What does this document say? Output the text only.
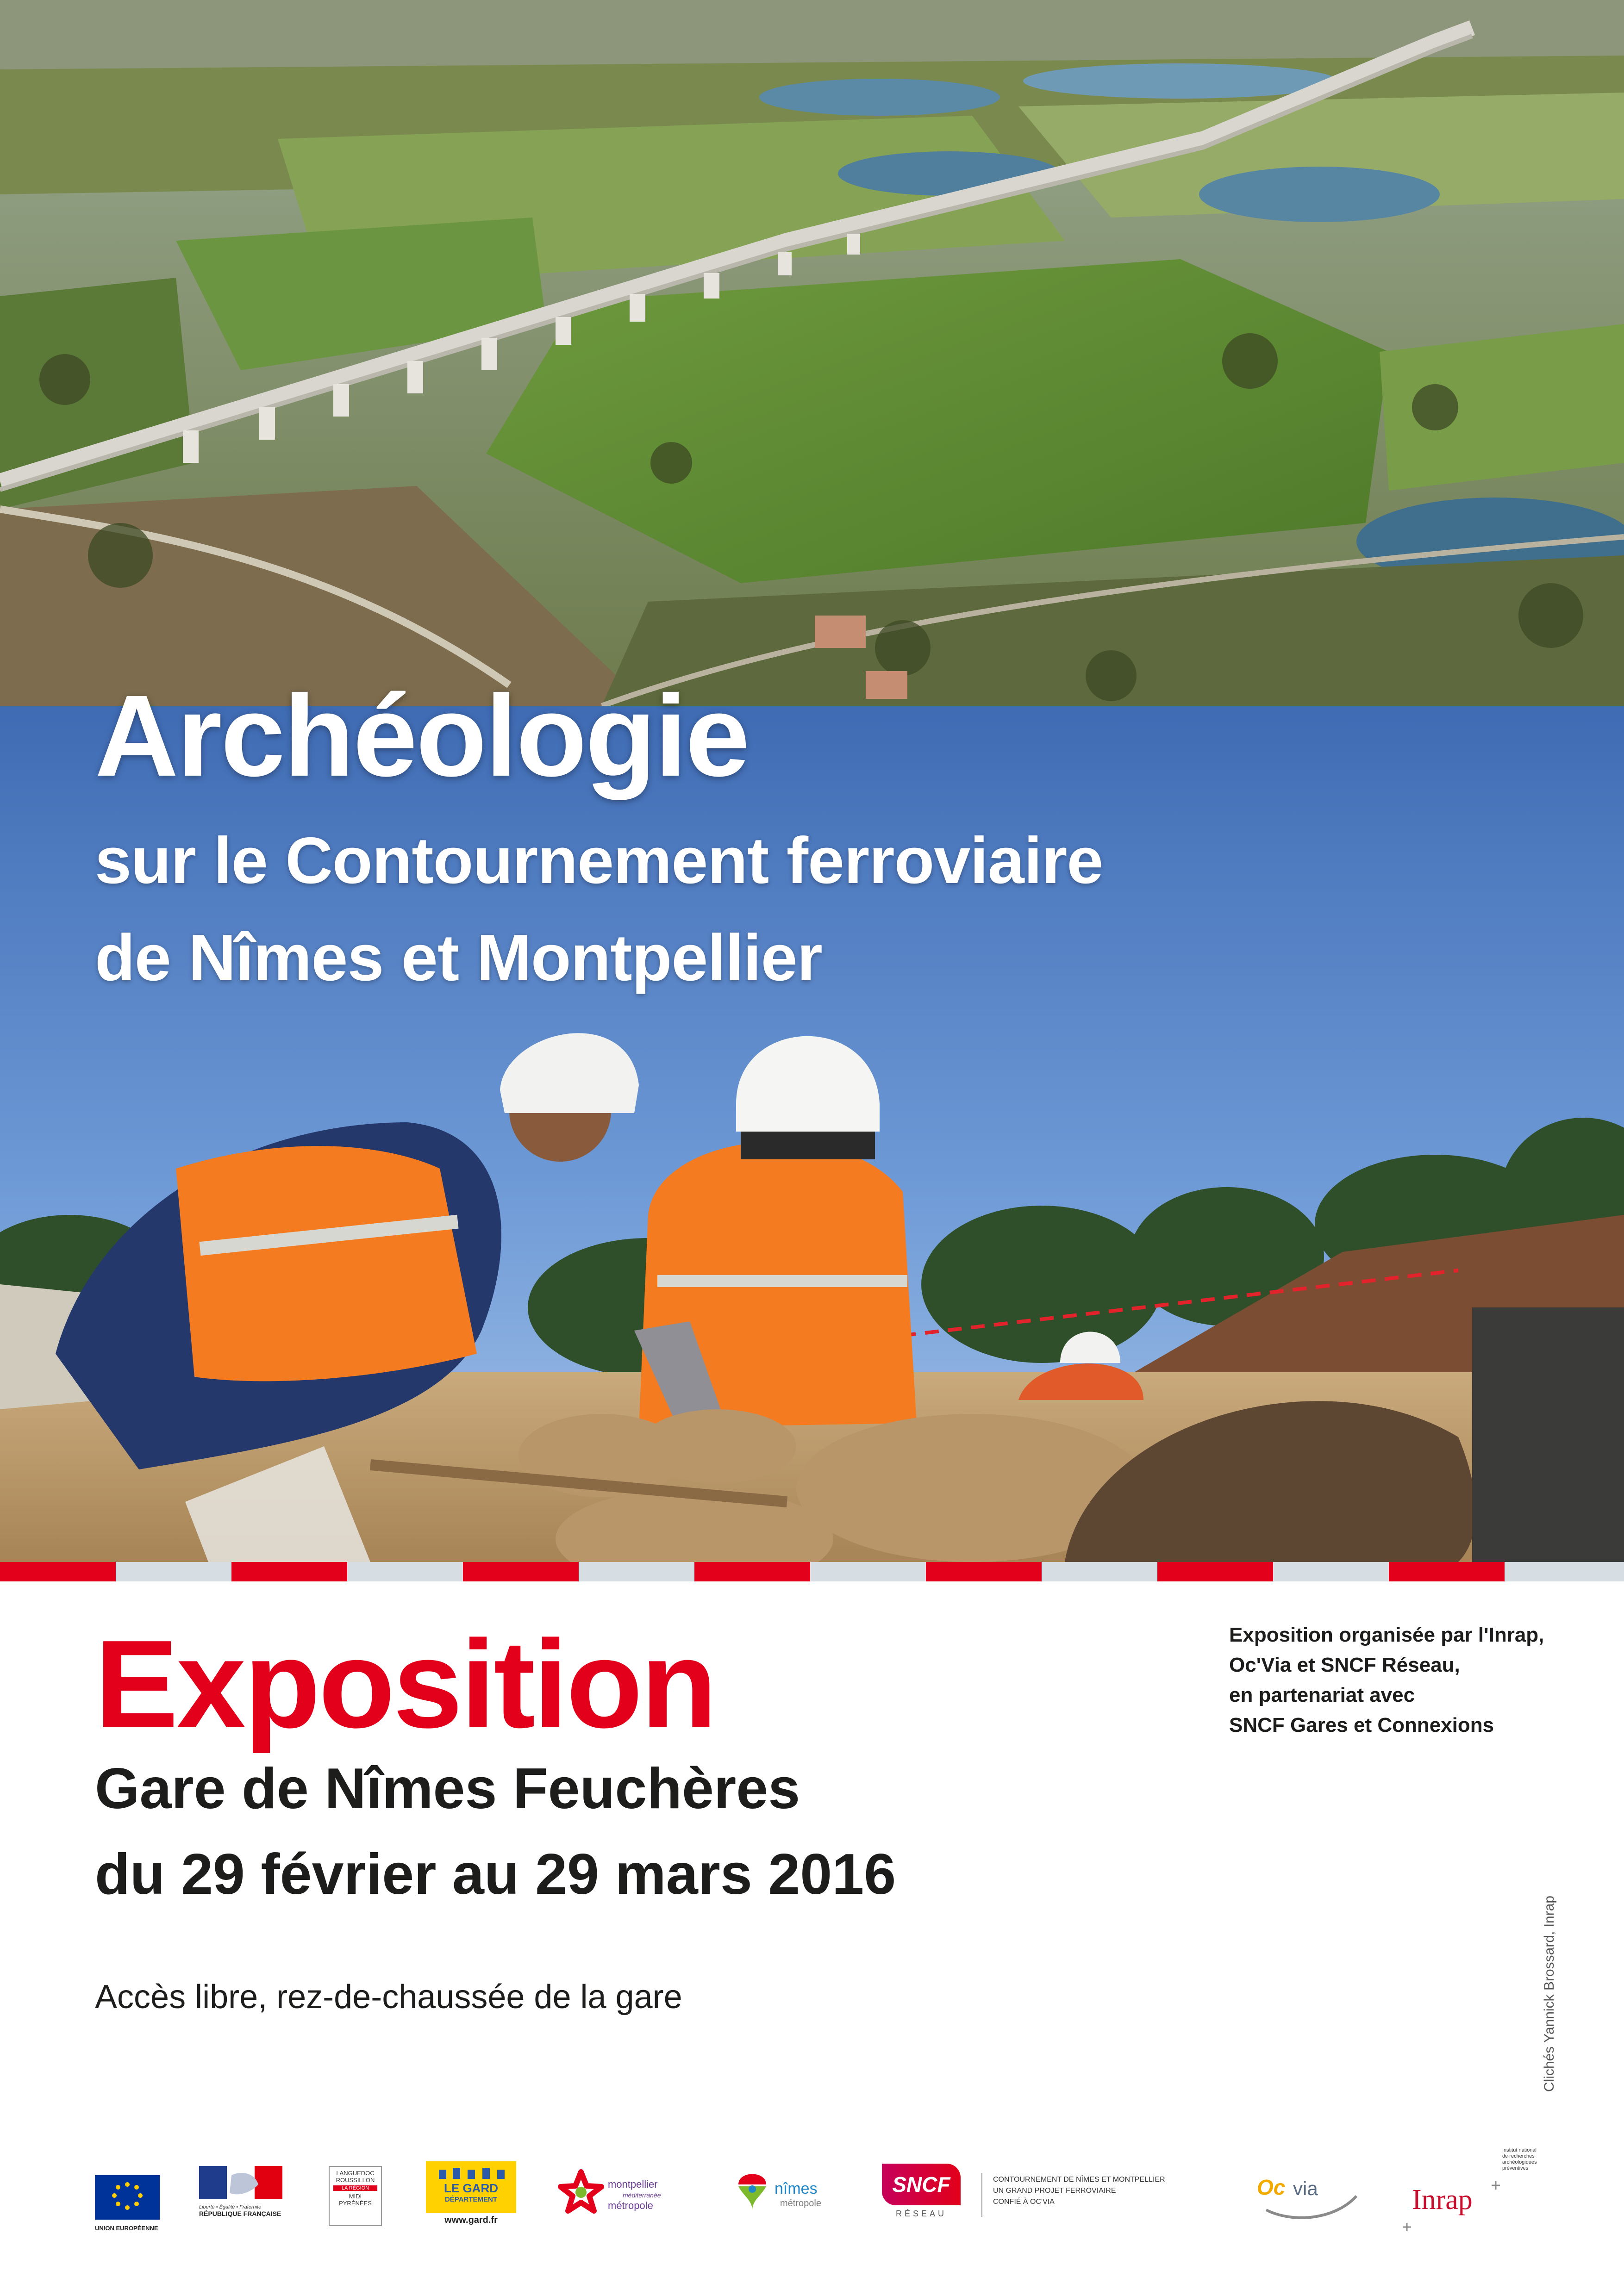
Archéologie

sur le Contournement ferroviaire

de Nîmes et Montpellier

Exposition

Gare de Nîmes Feuchères

du 29 février au 29 mars 2016

Accès libre, rez-de-chaussée de la gare

Exposition organisée par l'Inrap,
Oc'Via et SNCF Réseau,
en partenariat avec
SNCF Gares et Connexions
Clichés Yannick Brossard, Inrap
UNION EUROPÉENNE
Liberté • Égalité • Fraternité
RÉPUBLIQUE FRANÇAISE
LANGUEDOC
ROUSSILLON
LA RÉGION
MIDI
PYRÉNÉES
LE GARD
DÉPARTEMENT
www.gard.fr
montpellier
méditerranée
métropole
nîmes
métropole
SNCF
RÉSEAU
CONTOURNEMENT DE NÎMES ET MONTPELLIER
UN GRAND PROJET FERROVIAIRE
CONFIÉ À OC'VIA
Oc via
Institut national
de recherches
archéologiques
préventives
Inrap
